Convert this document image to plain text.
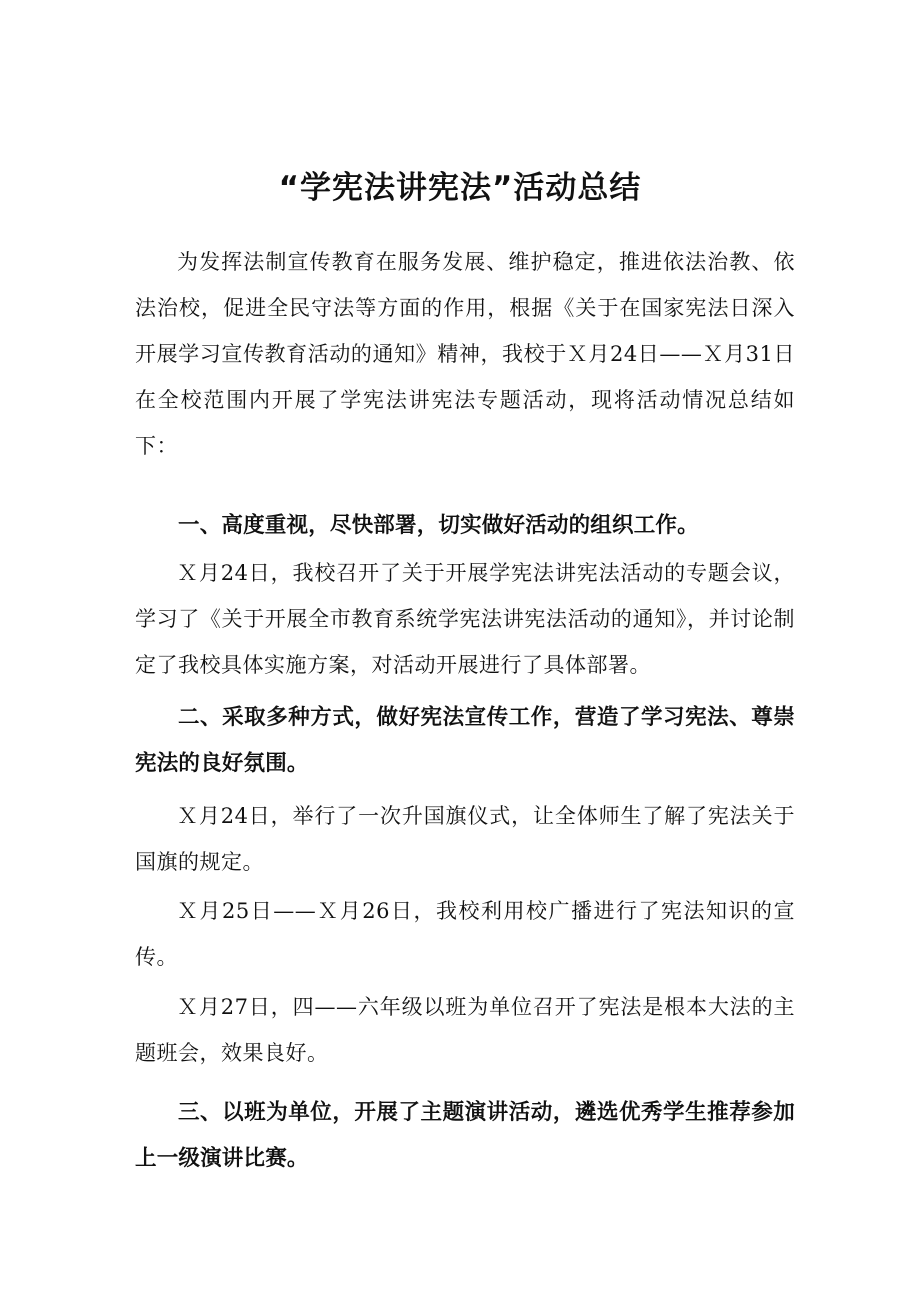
“学宪法讲宪法”活动总结

为发挥法制宣传教育在服务发展、维护稳定，推进依法治教、依法治校，促进全民守法等方面的作用，根据《关于在国家宪法日深入开展学习宣传教育活动的通知》精神，我校于Ｘ月24日——Ｘ月31日在全校范围内开展了学宪法讲宪法专题活动，现将活动情况总结如下：

一、高度重视，尽快部署，切实做好活动的组织工作。

Ｘ月24日，我校召开了关于开展学宪法讲宪法活动的专题会议，学习了《关于开展全市教育系统学宪法讲宪法活动的通知》，并讨论制定了我校具体实施方案，对活动开展进行了具体部署。

二、采取多种方式，做好宪法宣传工作，营造了学习宪法、尊崇宪法的良好氛围。

Ｘ月24日，举行了一次升国旗仪式，让全体师生了解了宪法关于国旗的规定。

Ｘ月25日——Ｘ月26日，我校利用校广播进行了宪法知识的宣传。

Ｘ月27日，四——六年级以班为单位召开了宪法是根本大法的主题班会，效果良好。

三、以班为单位，开展了主题演讲活动，遴选优秀学生推荐参加上一级演讲比赛。
